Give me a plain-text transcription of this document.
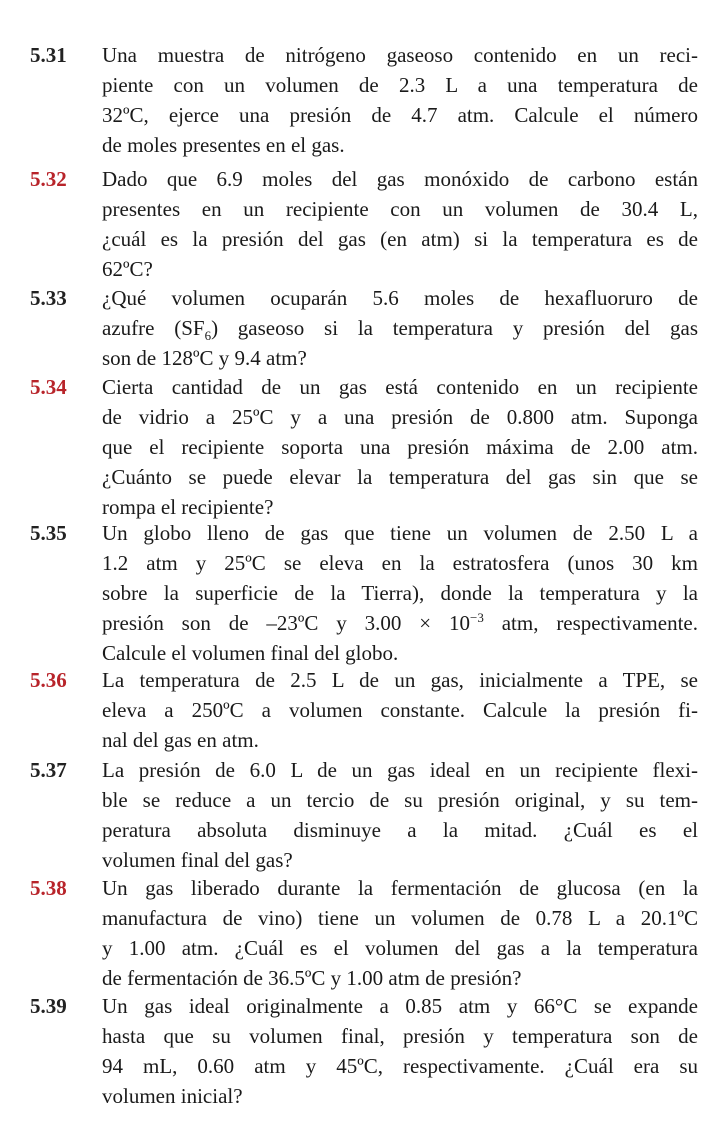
5.31 Una muestra de nitrógeno gaseoso contenido en un reci-
piente con un volumen de 2.3 L a una temperatura de
32ºC, ejerce una presión de 4.7 atm. Calcule el número
de moles presentes en el gas.
5.32 Dado que 6.9 moles del gas monóxido de carbono están
presentes en un recipiente con un volumen de 30.4 L,
¿cuál es la presión del gas (en atm) si la temperatura es de
62ºC?
5.33 ¿Qué volumen ocuparán 5.6 moles de hexafluoruro de
azufre $(SF_6)$ gaseoso si la temperatura y presión del gas
son de 128ºC y 9.4 atm?
5.34 Cierta cantidad de un gas está contenido en un recipiente
de vidrio a 25ºC y a una presión de 0.800 atm. Suponga
que el recipiente soporta una presión máxima de 2.00 atm.
¿Cuánto se puede elevar la temperatura del gas sin que se
rompa el recipiente?
5.35 Un globo lleno de gas que tiene un volumen de 2.50 L a
1.2 atm y 25ºC se eleva en la estratosfera (unos 30 km
sobre la superficie de la Tierra), donde la temperatura y la
presión son de –23ºC y $3.00 \times 10^{-3}$ atm, respectivamente.
Calcule el volumen final del globo.
5.36 La temperatura de 2.5 L de un gas, inicialmente a TPE, se
eleva a 250ºC a volumen constante. Calcule la presión fi-
nal del gas en atm.
5.37 La presión de 6.0 L de un gas ideal en un recipiente flexi-
ble se reduce a un tercio de su presión original, y su tem-
peratura absoluta disminuye a la mitad. ¿Cuál es el
volumen final del gas?
5.38 Un gas liberado durante la fermentación de glucosa (en la
manufactura de vino) tiene un volumen de 0.78 L a 20.1ºC
y 1.00 atm. ¿Cuál es el volumen del gas a la temperatura
de fermentación de 36.5ºC y 1.00 atm de presión?
5.39 Un gas ideal originalmente a 0.85 atm y 66°C se expande
hasta que su volumen final, presión y temperatura son de
94 mL, 0.60 atm y 45ºC, respectivamente. ¿Cuál era su
volumen inicial?
